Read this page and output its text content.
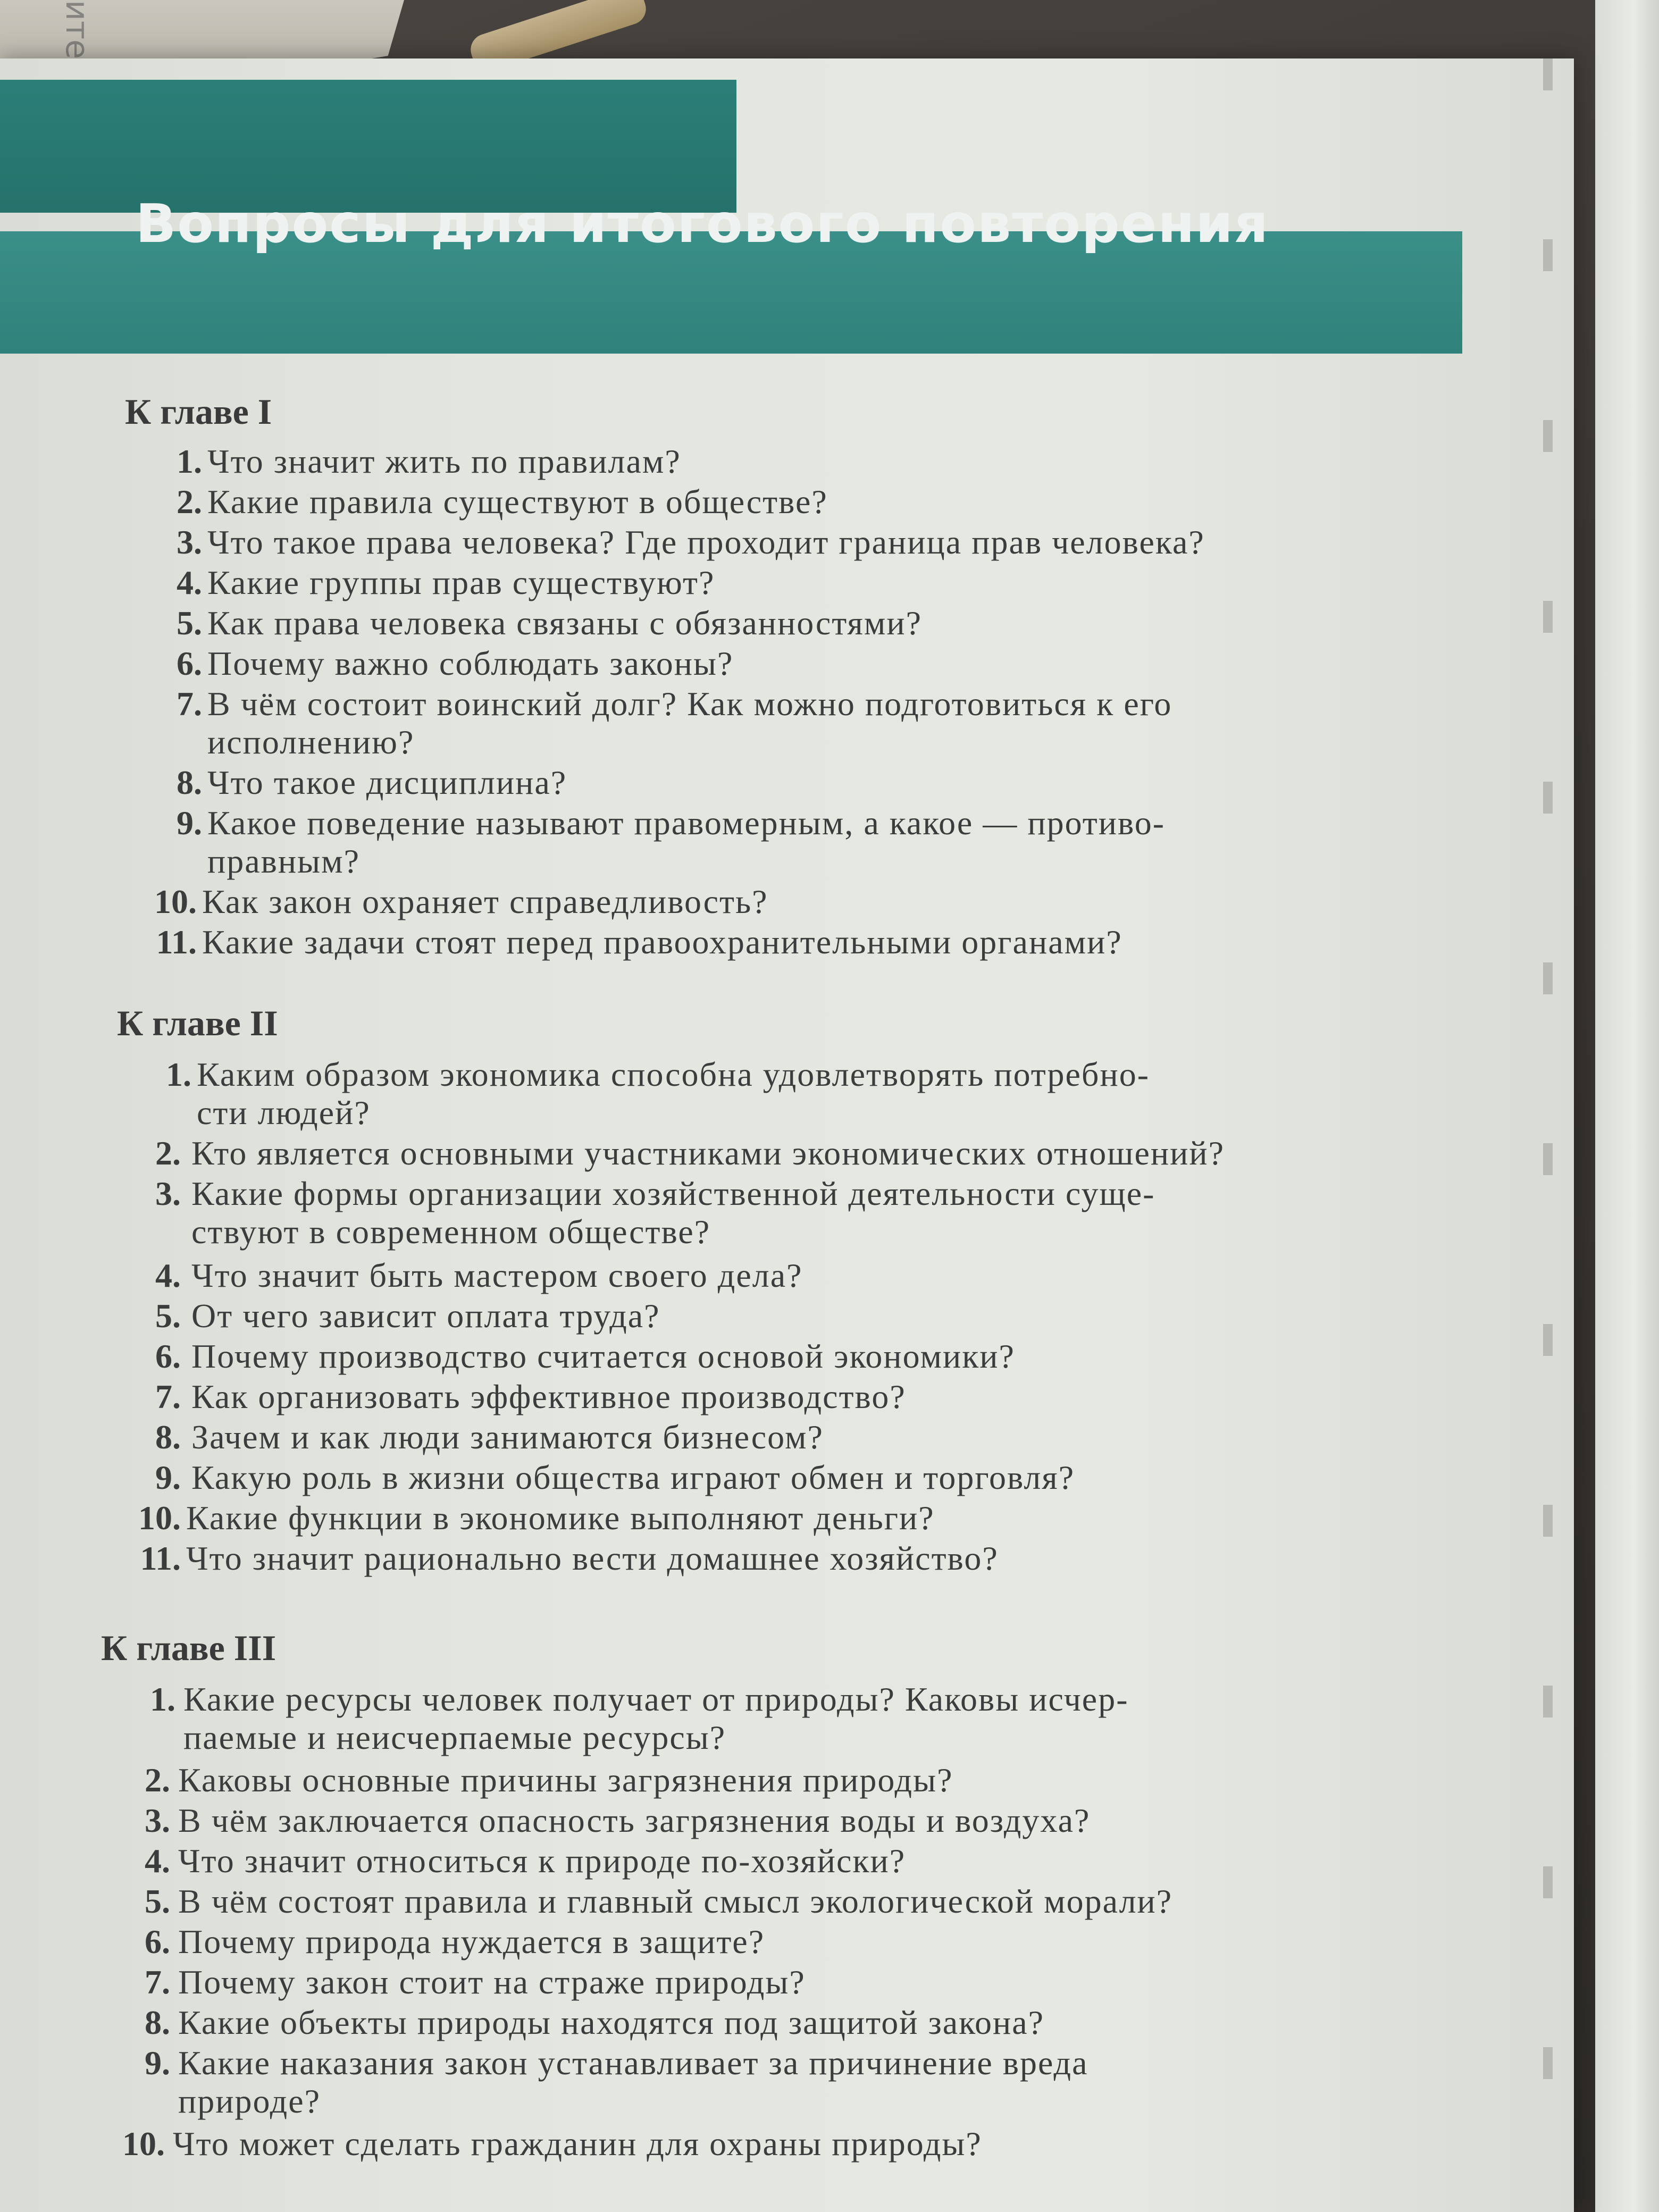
Вопросы для итогового повторения
К главе I
1. Что значит жить по правилам?
2. Какие правила существуют в обществе?
3. Что такое права человека? Где проходит граница прав человека?
4. Какие группы прав существуют?
5. Как права человека связаны с обязанностями?
6. Почему важно соблюдать законы?
7. В чём состоит воинский долг? Как можно подготовиться к его
исполнению?
8. Что такое дисциплина?
9. Какое поведение называют правомерным, а какое — противо-
правным?
10. Как закон охраняет справедливость?
11. Какие задачи стоят перед правоохранительными органами?
К главе II
1. Каким образом экономика способна удовлетворять потребно-
сти людей?
2. Кто является основными участниками экономических отношений?
3. Какие формы организации хозяйственной деятельности суще-
ствуют в современном обществе?
4. Что значит быть мастером своего дела?
5. От чего зависит оплата труда?
6. Почему производство считается основой экономики?
7. Как организовать эффективное производство?
8. Зачем и как люди занимаются бизнесом?
9. Какую роль в жизни общества играют обмен и торговля?
10. Какие функции в экономике выполняют деньги?
11. Что значит рационально вести домашнее хозяйство?
К главе III
1. Какие ресурсы человек получает от природы? Каковы исчер-
паемые и неисчерпаемые ресурсы?
2. Каковы основные причины загрязнения природы?
3. В чём заключается опасность загрязнения воды и воздуха?
4. Что значит относиться к природе по-хозяйски?
5. В чём состоят правила и главный смысл экологической морали?
6. Почему природа нуждается в защите?
7. Почему закон стоит на страже природы?
8. Какие объекты природы находятся под защитой закона?
9. Какие наказания закон устанавливает за причинение вреда
природе?
10. Что может сделать гражданин для охраны природы?
